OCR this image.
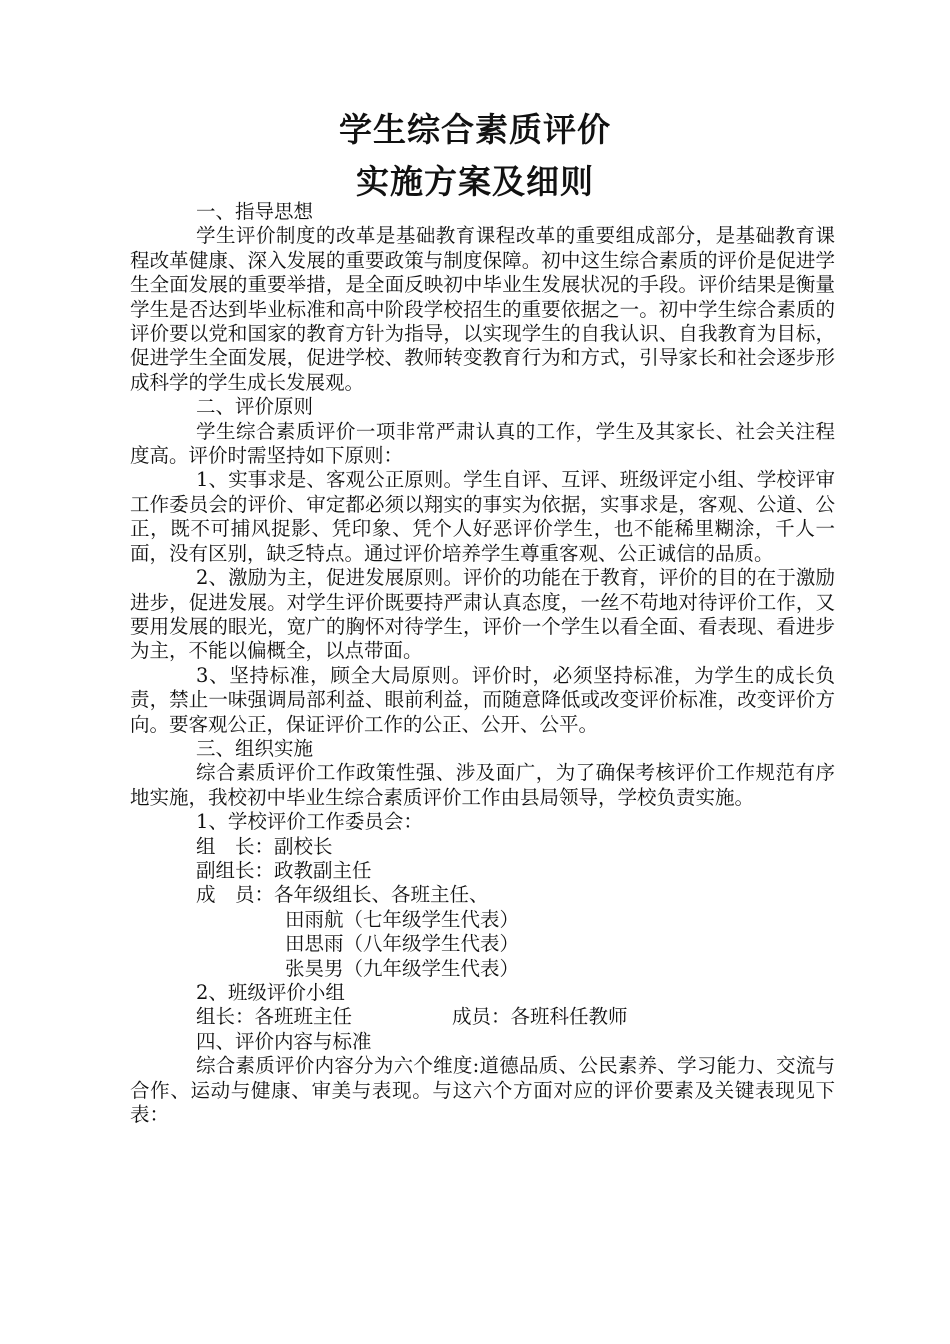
学生综合素质评价
实施方案及细则

一、指导思想

学生评价制度的改革是基础教育课程改革的重要组成部分，是基础教育课程改革健康、深入发展的重要政策与制度保障。初中这生综合素质的评价是促进学生全面发展的重要举措，是全面反映初中毕业生发展状况的手段。评价结果是衡量学生是否达到毕业标准和高中阶段学校招生的重要依据之一。初中学生综合素质的评价要以党和国家的教育方针为指导，以实现学生的自我认识、自我教育为目标，促进学生全面发展，促进学校、教师转变教育行为和方式，引导家长和社会逐步形成科学的学生成长发展观。

二、评价原则

学生综合素质评价一项非常严肃认真的工作，学生及其家长、社会关注程度高。评价时需坚持如下原则：

1、实事求是、客观公正原则。学生自评、互评、班级评定小组、学校评审工作委员会的评价、审定都必须以翔实的事实为依据，实事求是，客观、公道、公正，既不可捕风捉影、凭印象、凭个人好恶评价学生，也不能稀里糊涂，千人一面，没有区别，缺乏特点。通过评价培养学生尊重客观、公正诚信的品质。

2、激励为主，促进发展原则。评价的功能在于教育，评价的目的在于激励进步，促进发展。对学生评价既要持严肃认真态度，一丝不苟地对待评价工作，又要用发展的眼光，宽广的胸怀对待学生，评价一个学生以看全面、看表现、看进步为主，不能以偏概全，以点带面。

3、坚持标准，顾全大局原则。评价时，必须坚持标准，为学生的成长负责，禁止一味强调局部利益、眼前利益，而随意降低或改变评价标准，改变评价方向。要客观公正，保证评价工作的公正、公开、公平。

三、组织实施

综合素质评价工作政策性强、涉及面广，为了确保考核评价工作规范有序地实施，我校初中毕业生综合素质评价工作由县局领导，学校负责实施。

1、学校评价工作委员会：

组　长：副校长

副组长：政教副主任

成　员：各年级组长、各班主任、

田雨航（七年级学生代表）

田思雨（八年级学生代表）

张昊男（九年级学生代表）

2、班级评价小组

组长：各班班主任	成员：各班科任教师

四、评价内容与标准

综合素质评价内容分为六个维度:道德品质、公民素养、学习能力、交流与合作、运动与健康、审美与表现。与这六个方面对应的评价要素及关键表现见下表：
